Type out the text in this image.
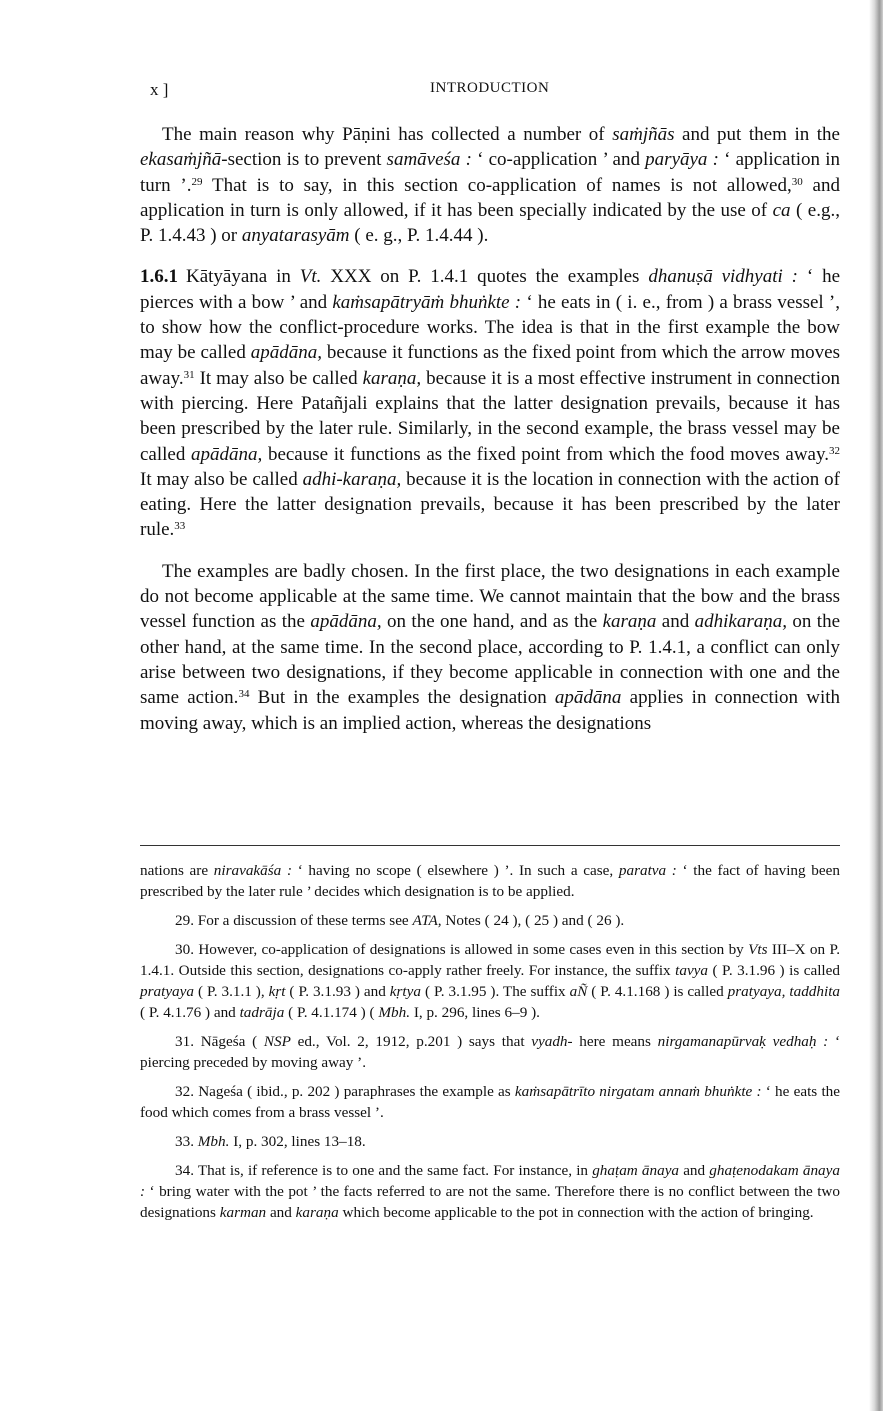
x ]	INTRODUCTION

The main reason why Pāṇini has collected a number of saṁjñās and put them in the ekasaṁjñā-section is to prevent samāveśa : ‘ co-application ’ and paryāya : ‘ application in turn ’.$^{29}$ That is to say, in this section co-application of names is not allowed,$^{30}$ and application in turn is only allowed, if it has been specially indicated by the use of ca ( e.g., P. 1.4.43 ) or anyatarasyām ( e. g., P. 1.4.44 ).

1.6.1 Kātyāyana in Vt. XXX on P. 1.4.1 quotes the examples dhanuṣā vidhyati : ‘ he pierces with a bow ’ and kaṁsapātryāṁ bhuṅkte : ‘ he eats in ( i. e., from ) a brass vessel ’, to show how the conflict-procedure works. The idea is that in the first example the bow may be called apādāna, because it functions as the fixed point from which the arrow moves away.$^{31}$ It may also be called karaṇa, because it is a most effective instrument in connection with piercing. Here Patañjali explains that the latter designation prevails, because it has been prescribed by the later rule. Similarly, in the second example, the brass vessel may be called apādāna, because it functions as the fixed point from which the food moves away.$^{32}$ It may also be called adhi-karaṇa, because it is the location in connection with the action of eating. Here the latter designation prevails, because it has been prescribed by the later rule.$^{33}$

The examples are badly chosen. In the first place, the two designations in each example do not become applicable at the same time. We cannot maintain that the bow and the brass vessel function as the apādāna, on the one hand, and as the karaṇa and adhikaraṇa, on the other hand, at the same time. In the second place, according to P. 1.4.1, a conflict can only arise between two designations, if they become applicable in connection with one and the same action.$^{34}$ But in the examples the designation apādāna applies in connection with moving away, which is an implied action, whereas the designations

nations are niravakāśa : ‘ having no scope ( elsewhere ) ’. In such a case, paratva : ‘ the fact of having been prescribed by the later rule ’ decides which designation is to be applied.

29. For a discussion of these terms see ATA, Notes ( 24 ), ( 25 ) and ( 26 ).

30. However, co-application of designations is allowed in some cases even in this section by Vts III–X on P. 1.4.1. Outside this section, designations co-apply rather freely. For instance, the suffix tavya ( P. 3.1.96 ) is called pratyaya ( P. 3.1.1 ), kṛt ( P. 3.1.93 ) and kṛtya ( P. 3.1.95 ). The suffix aÑ ( P. 4.1.168 ) is called pratyaya, taddhita ( P. 4.1.76 ) and tadrāja ( P. 4.1.174 ) ( Mbh. I, p. 296, lines 6–9 ).

31. Nāgeśa ( NSP ed., Vol. 2, 1912, p.201 ) says that vyadh- here means nirgamanapūrvaḳ vedhaḥ : ‘ piercing preceded by moving away ’.

32. Nageśa ( ibid., p. 202 ) paraphrases the example as kaṁsapātrīto nirgatam annaṁ bhuṅkte : ‘ he eats the food which comes from a brass vessel ’.

33. Mbh. I, p. 302, lines 13–18.

34. That is, if reference is to one and the same fact. For instance, in ghaṭam ānaya and ghaṭenodakam ānaya : ‘ bring water with the pot ’ the facts referred to are not the same. Therefore there is no conflict between the two designations karman and karaṇa which become applicable to the pot in connection with the action of bringing.
